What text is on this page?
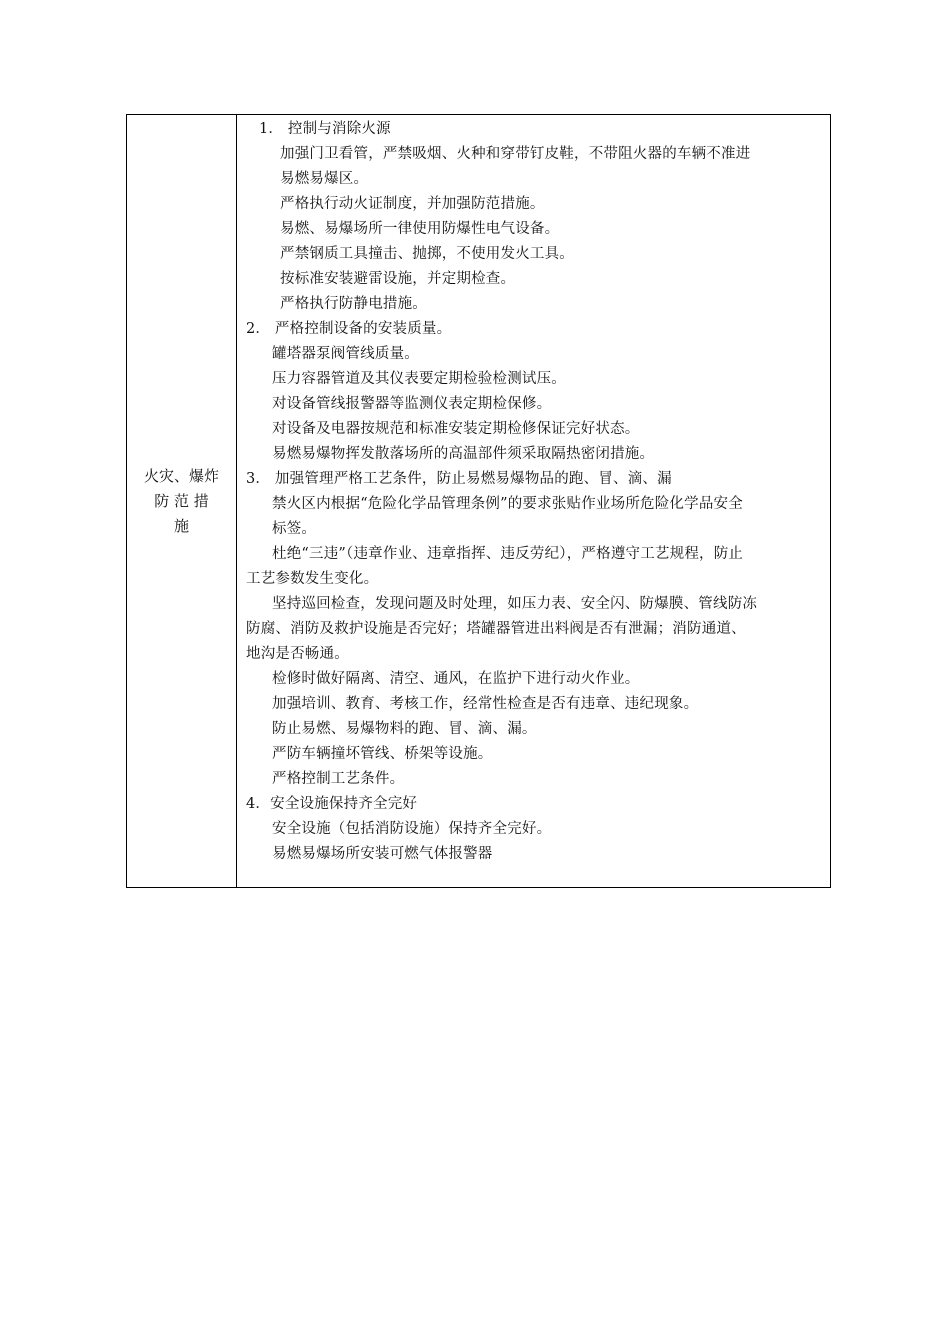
火灾、爆炸
防 范 措
施

1． 控制与消除火源
加强门卫看管，严禁吸烟、火种和穿带钉皮鞋，不带阻火器的车辆不准进
易燃易爆区。
严格执行动火证制度，并加强防范措施。
易燃、易爆场所一律使用防爆性电气设备。
严禁钢质工具撞击、抛掷，不使用发火工具。
按标准安装避雷设施，并定期检查。
严格执行防静电措施。
2． 严格控制设备的安装质量。
罐塔器泵阀管线质量。
压力容器管道及其仪表要定期检验检测试压。
对设备管线报警器等监测仪表定期检保修。
对设备及电器按规范和标准安装定期检修保证完好状态。
易燃易爆物挥发散落场所的高温部件须采取隔热密闭措施。
3． 加强管理严格工艺条件，防止易燃易爆物品的跑、冒、滴、漏
禁火区内根据“危险化学品管理条例”的要求张贴作业场所危险化学品安全
标签。
杜绝“三违”（违章作业、违章指挥、违反劳纪），严格遵守工艺规程，防止
工艺参数发生变化。
坚持巡回检查，发现问题及时处理，如压力表、安全闪、防爆膜、管线防冻
防腐、消防及救护设施是否完好；塔罐器管进出料阀是否有泄漏；消防通道、
地沟是否畅通。
检修时做好隔离、清空、通风，在监护下进行动火作业。
加强培训、教育、考核工作，经常性检查是否有违章、违纪现象。
防止易燃、易爆物料的跑、冒、滴、漏。
严防车辆撞坏管线、桥架等设施。
严格控制工艺条件。
4．安全设施保持齐全完好
安全设施（包括消防设施）保持齐全完好。
易燃易爆场所安装可燃气体报警器
